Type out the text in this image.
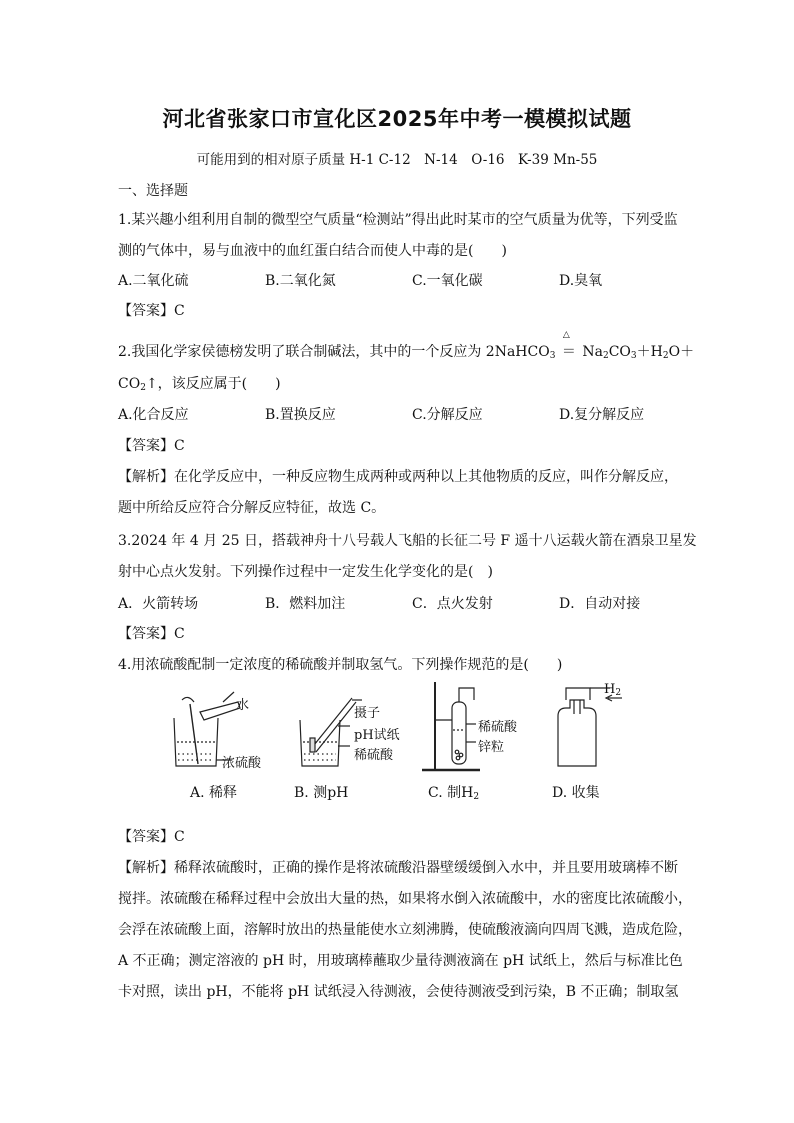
河北省张家口市宣化区2025年中考一模模拟试题
可能用到的相对原子质量 H-1 C-12　N-14　O-16　K-39 Mn-55
一、选择题
1.某兴趣小组利用自制的微型空气质量“检测站”得出此时某市的空气质量为优等，下列受监
测的气体中，易与血液中的血红蛋白结合而使人中毒的是(　　)
A.二氧化硫	B.二氧化氮	C.一氧化碳	D.臭氧
【答案】C
2.我国化学家侯德榜发明了联合制碱法，其中的一个反应为 2NaHCO$_3$
△
＝ $Na_2CO_3+H_2O+$
$CO_2↑$，该反应属于(　　)
A.化合反应	B.置换反应	C.分解反应	D.复分解反应
【答案】C
【解析】在化学反应中，一种反应物生成两种或两种以上其他物质的反应，叫作分解反应，
题中所给反应符合分解反应特征，故选 C。
3.2024 年 4 月 25 日，搭载神舟十八号载人飞船的长征二号 F 遥十八运载火箭在酒泉卫星发
射中心点火发射。下列操作过程中一定发生化学变化的是(　)
A．火箭转场	B．燃料加注	C．点火发射	D．自动对接
【答案】C
4.用浓硫酸配制一定浓度的稀硫酸并制取氢气。下列操作规范的是(　　)
水
浓硫酸
A. 稀释
摄子
pH试纸
稀硫酸
B. 测pH
稀硫酸
锌粒
C. 制$H_2$
$H_2$
D. 收集
【答案】C
【解析】稀释浓硫酸时，正确的操作是将浓硫酸沿器壁缓缓倒入水中，并且要用玻璃棒不断
搅拌。浓硫酸在稀释过程中会放出大量的热，如果将水倒入浓硫酸中，水的密度比浓硫酸小，
会浮在浓硫酸上面，溶解时放出的热量能使水立刻沸腾，使硫酸液滴向四周飞溅，造成危险，
A 不正确；测定溶液的 pH 时，用玻璃棒蘸取少量待测液滴在 pH 试纸上，然后与标准比色
卡对照，读出 pH，不能将 pH 试纸浸入待测液，会使待测液受到污染，B 不正确；制取氢
